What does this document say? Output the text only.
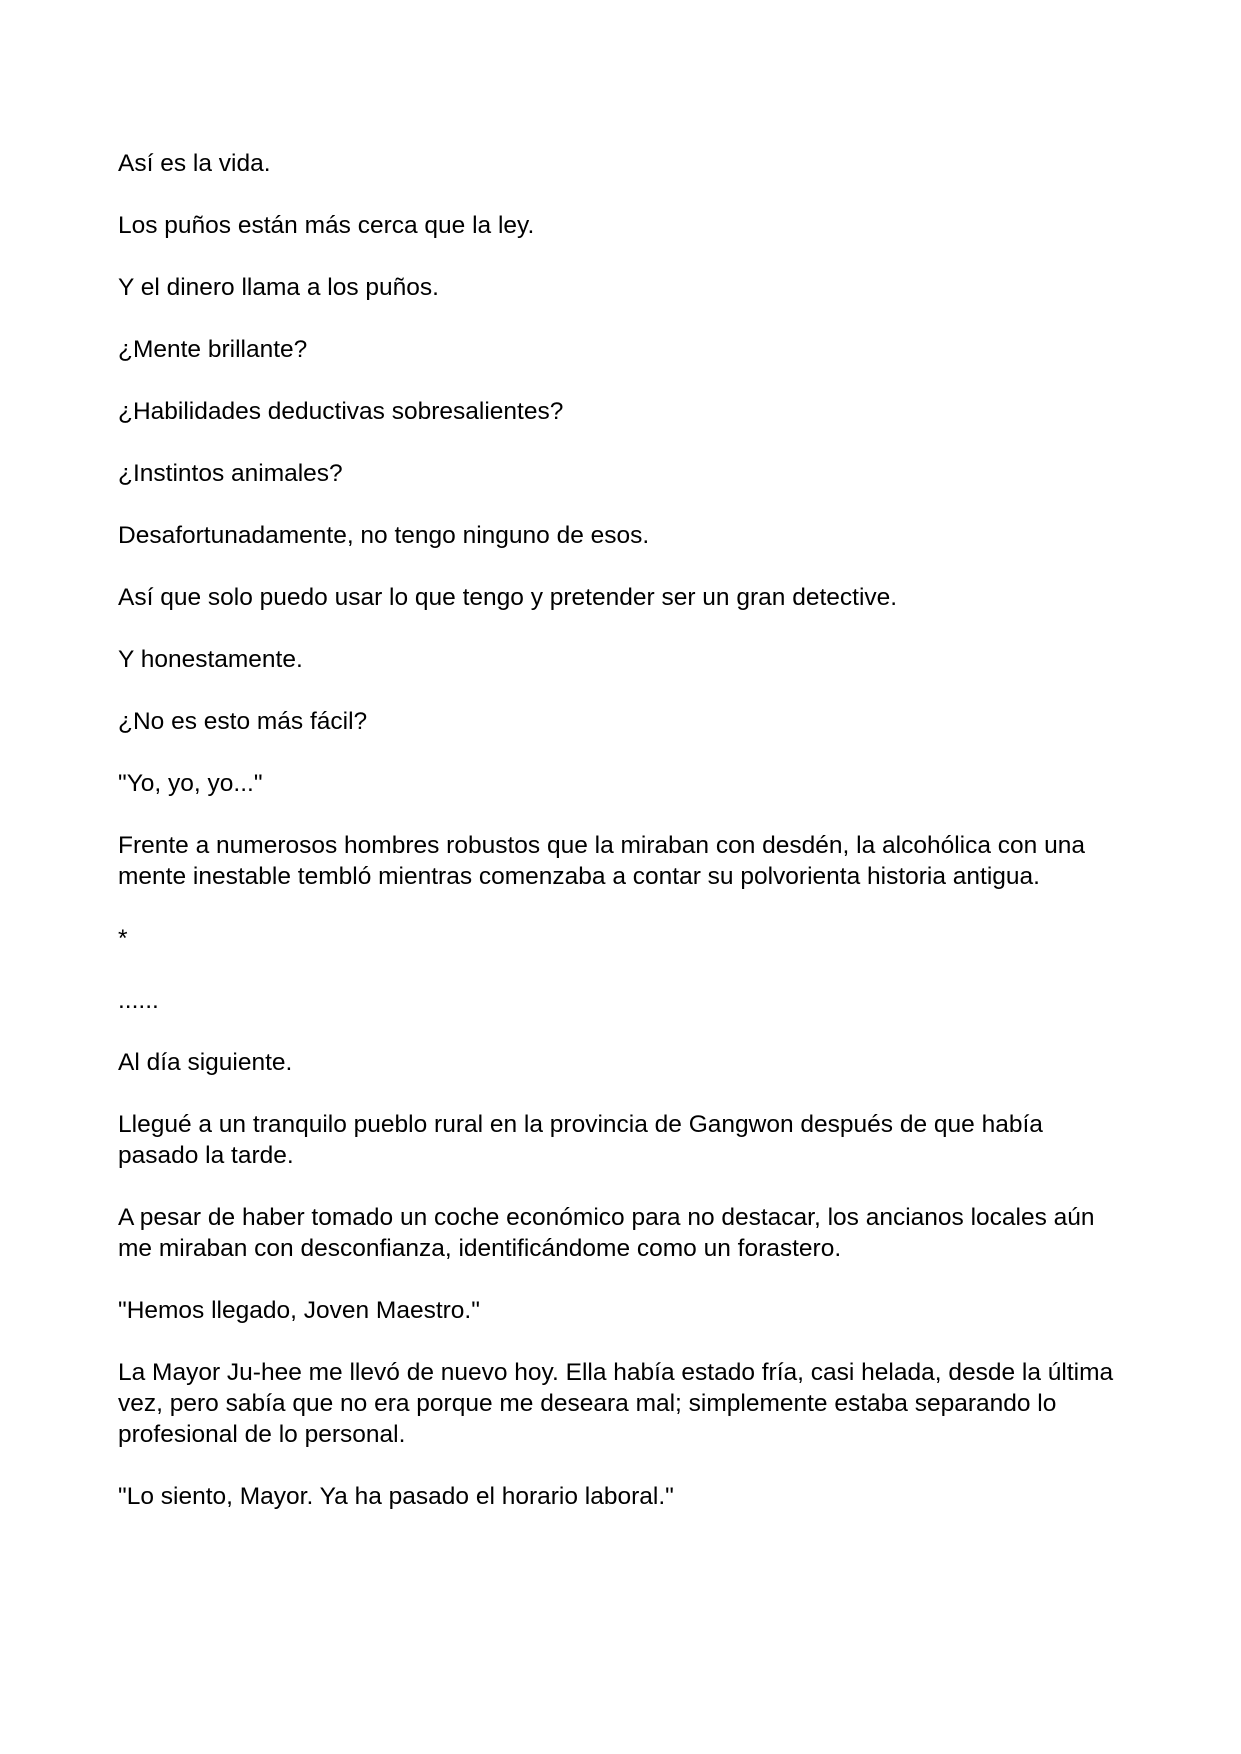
Así es la vida.

Los puños están más cerca que la ley.

Y el dinero llama a los puños.

¿Mente brillante?

¿Habilidades deductivas sobresalientes?

¿Instintos animales?

Desafortunadamente, no tengo ninguno de esos.

Así que solo puedo usar lo que tengo y pretender ser un gran detective.

Y honestamente.

¿No es esto más fácil?

"Yo, yo, yo..."

Frente a numerosos hombres robustos que la miraban con desdén, la alcohólica con una mente inestable tembló mientras comenzaba a contar su polvorienta historia antigua.

*

......

Al día siguiente.

Llegué a un tranquilo pueblo rural en la provincia de Gangwon después de que había pasado la tarde.

A pesar de haber tomado un coche económico para no destacar, los ancianos locales aún me miraban con desconfianza, identificándome como un forastero.

"Hemos llegado, Joven Maestro."

La Mayor Ju-hee me llevó de nuevo hoy. Ella había estado fría, casi helada, desde la última vez, pero sabía que no era porque me deseara mal; simplemente estaba separando lo profesional de lo personal.

"Lo siento, Mayor. Ya ha pasado el horario laboral."
